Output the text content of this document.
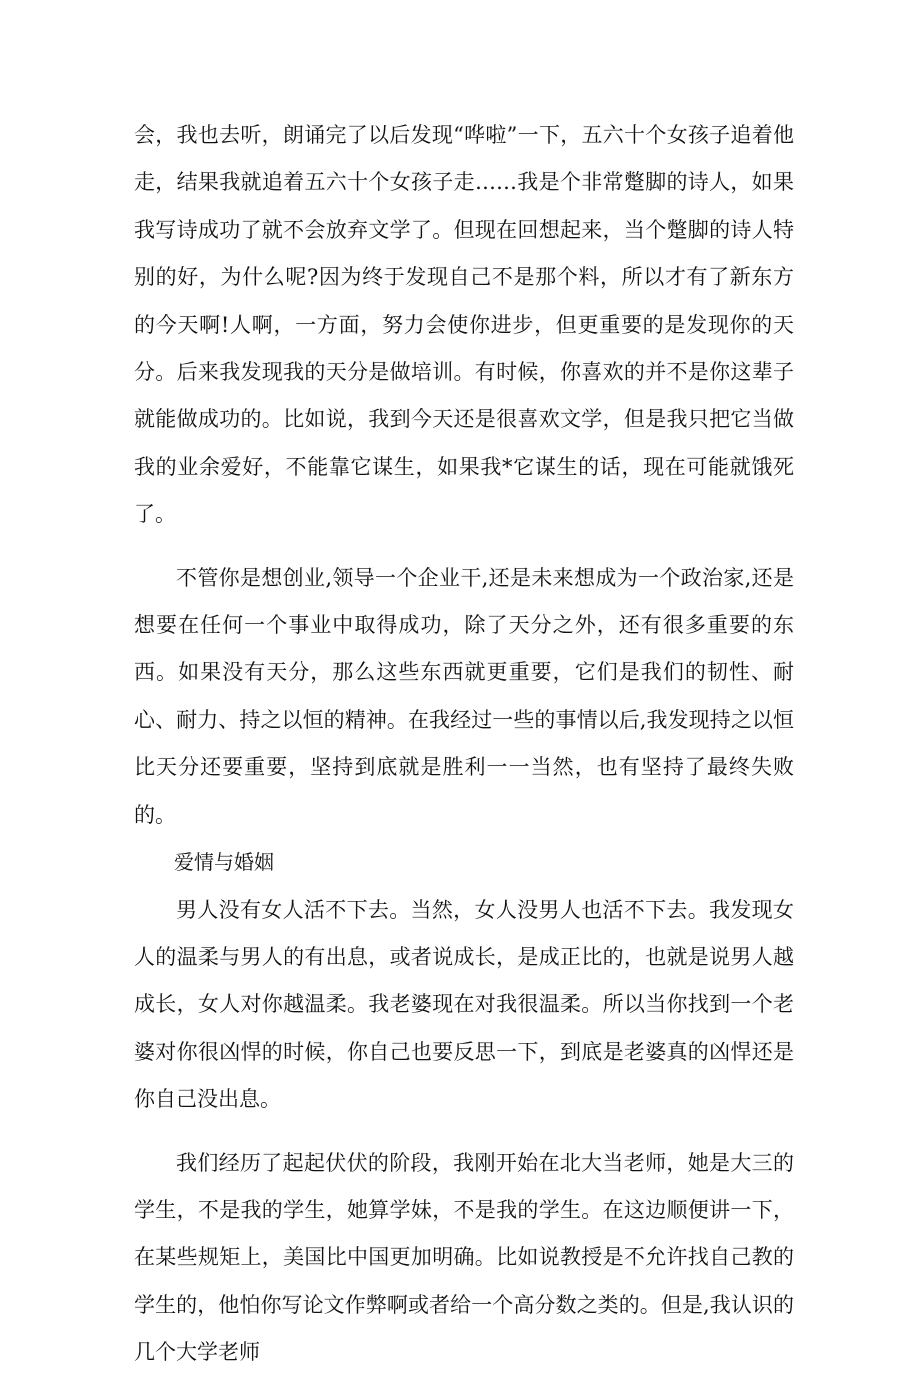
会，我也去听，朗诵完了以后发现“哗啦”一下，五六十个女孩子追着他走，结果我就追着五六十个女孩子走……我是个非常蹩脚的诗人，如果我写诗成功了就不会放弃文学了。但现在回想起来，当个蹩脚的诗人特别的好，为什么呢?因为终于发现自己不是那个料，所以才有了新东方的今天啊!人啊，一方面，努力会使你进步，但更重要的是发现你的天分。后来我发现我的天分是做培训。有时候，你喜欢的并不是你这辈子就能做成功的。比如说，我到今天还是很喜欢文学，但是我只把它当做我的业余爱好，不能靠它谋生，如果我*它谋生的话，现在可能就饿死了。

不管你是想创业,领导一个企业干,还是未来想成为一个政治家,还是想要在任何一个事业中取得成功，除了天分之外，还有很多重要的东西。如果没有天分，那么这些东西就更重要，它们是我们的韧性、耐心、耐力、持之以恒的精神。在我经过一些的事情以后,我发现持之以恒比天分还要重要，坚持到底就是胜利一一当然，也有坚持了最终失败的。

爱情与婚姻

男人没有女人活不下去。当然，女人没男人也活不下去。我发现女人的温柔与男人的有出息，或者说成长，是成正比的，也就是说男人越成长，女人对你越温柔。我老婆现在对我很温柔。所以当你找到一个老婆对你很凶悍的时候，你自己也要反思一下，到底是老婆真的凶悍还是你自己没出息。

我们经历了起起伏伏的阶段，我刚开始在北大当老师，她是大三的学生，不是我的学生，她算学妹，不是我的学生。在这边顺便讲一下，在某些规矩上，美国比中国更加明确。比如说教授是不允许找自己教的学生的，他怕你写论文作弊啊或者给一个高分数之类的。但是,我认识的几个大学老师
